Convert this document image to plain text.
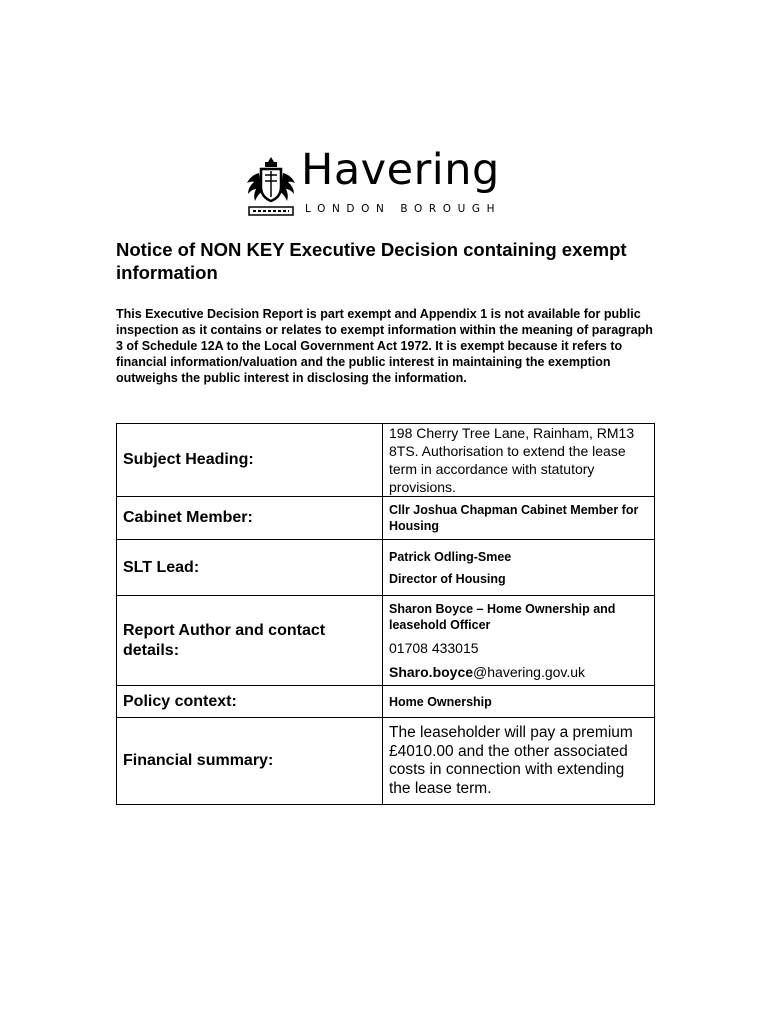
Havering
LONDON BOROUGH
Notice of NON KEY Executive Decision containing exempt information

This Executive Decision Report is part exempt and Appendix 1 is not available for public inspection as it contains or relates to exempt information within the meaning of paragraph 3 of Schedule 12A to the Local Government Act 1972. It is exempt because it refers to financial information/valuation and the public interest in maintaining the exemption outweighs the public interest in disclosing the information.

Subject Heading:	198 Cherry Tree Lane, Rainham, RM13 8TS. Authorisation to extend the lease term in accordance with statutory provisions.

Cabinet Member:	Cllr Joshua Chapman Cabinet Member for Housing

SLT Lead:	Patrick Odling-Smee
Director of Housing

Report Author and contact details:	Sharon Boyce – Home Ownership and leasehold Officer
01708 433015
Sharo.boyce@havering.gov.uk

Policy context:	Home Ownership

Financial summary:	The leaseholder will pay a premium £4010.00 and the other associated costs in connection with extending the lease term.
